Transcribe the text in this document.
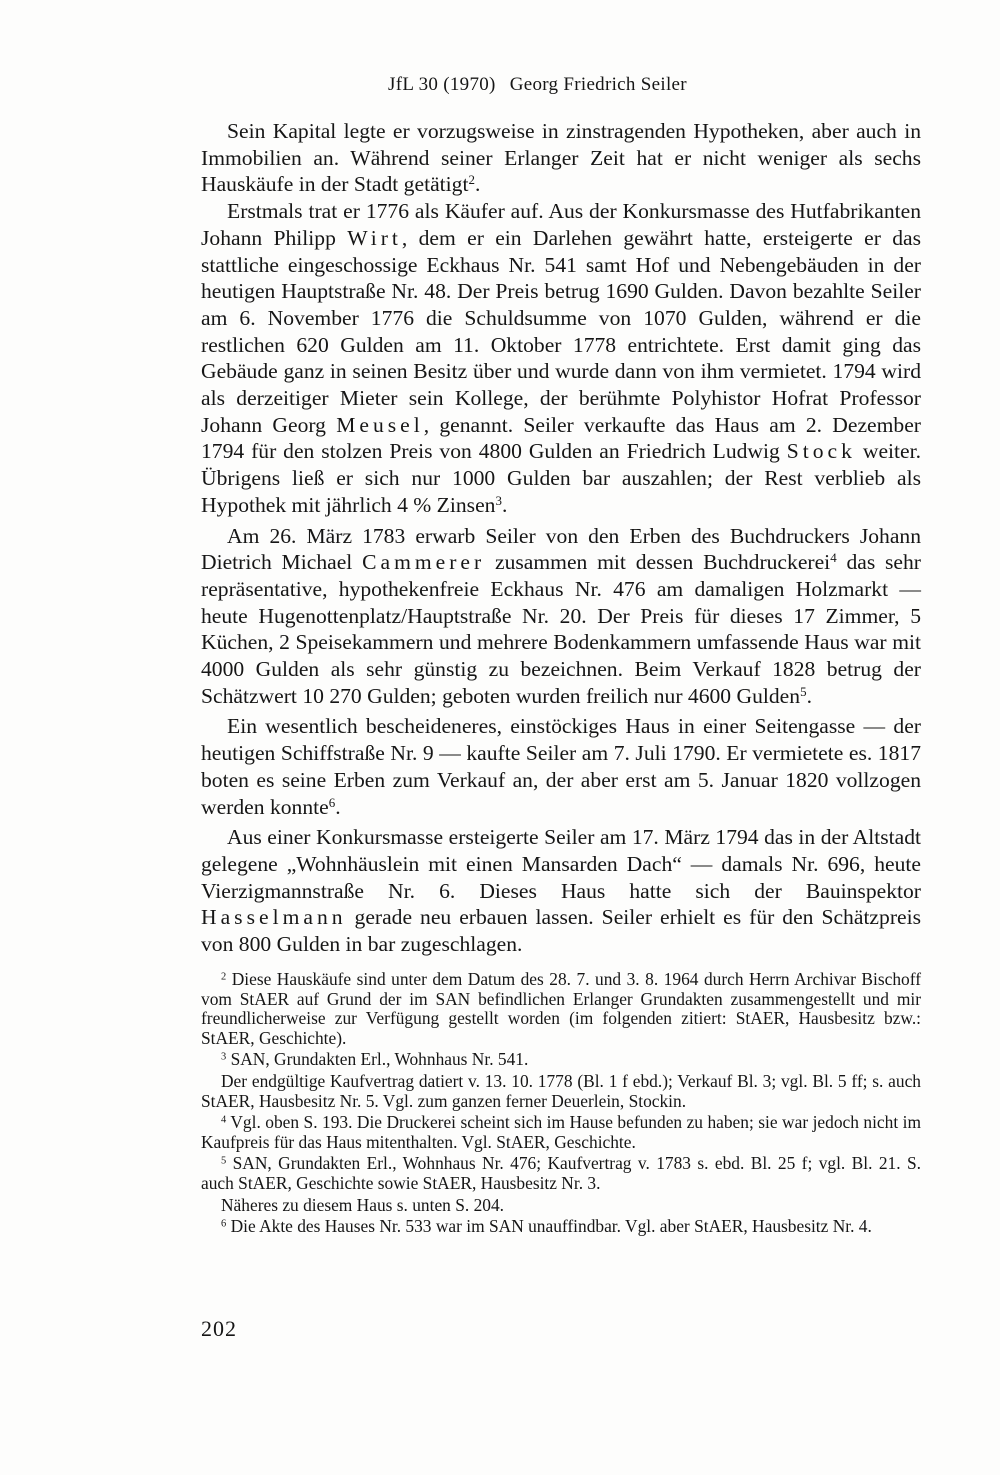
JfL 30 (1970) Georg Friedrich Seiler

Sein Kapital legte er vorzugsweise in zinstragenden Hypotheken, aber auch in Immobilien an. Während seiner Erlanger Zeit hat er nicht weniger als sechs Hauskäufe in der Stadt getätigt$^2$.

Erstmals trat er 1776 als Käufer auf. Aus der Konkursmasse des Hutfabrikanten Johann Philipp Wirt, dem er ein Darlehen gewährt hatte, ersteigerte er das stattliche eingeschossige Eckhaus Nr. 541 samt Hof und Nebengebäuden in der heutigen Hauptstraße Nr. 48. Der Preis betrug 1690 Gulden. Davon bezahlte Seiler am 6. November 1776 die Schuldsumme von 1070 Gulden, während er die restlichen 620 Gulden am 11. Oktober 1778 entrichtete. Erst damit ging das Gebäude ganz in seinen Besitz über und wurde dann von ihm vermietet. 1794 wird als derzeitiger Mieter sein Kollege, der berühmte Polyhistor Hofrat Professor Johann Georg Meusel, genannt. Seiler verkaufte das Haus am 2. Dezember 1794 für den stolzen Preis von 4800 Gulden an Friedrich Ludwig Stock weiter. Übrigens ließ er sich nur 1000 Gulden bar auszahlen; der Rest verblieb als Hypothek mit jährlich 4 % Zinsen$^3$.

Am 26. März 1783 erwarb Seiler von den Erben des Buchdruckers Johann Dietrich Michael Cammerer zusammen mit dessen Buchdruckerei$^4$ das sehr repräsentative, hypothekenfreie Eckhaus Nr. 476 am damaligen Holzmarkt — heute Hugenottenplatz/Hauptstraße Nr. 20. Der Preis für dieses 17 Zimmer, 5 Küchen, 2 Speisekammern und mehrere Bodenkammern umfassende Haus war mit 4000 Gulden als sehr günstig zu bezeichnen. Beim Verkauf 1828 betrug der Schätzwert 10 270 Gulden; geboten wurden freilich nur 4600 Gulden$^5$.

Ein wesentlich bescheideneres, einstöckiges Haus in einer Seitengasse — der heutigen Schiffstraße Nr. 9 — kaufte Seiler am 7. Juli 1790. Er vermietete es. 1817 boten es seine Erben zum Verkauf an, der aber erst am 5. Januar 1820 vollzogen werden konnte$^6$.

Aus einer Konkursmasse ersteigerte Seiler am 17. März 1794 das in der Altstadt gelegene „Wohnhäuslein mit einen Mansarden Dach“ — damals Nr. 696, heute Vierzigmannstraße Nr. 6. Dieses Haus hatte sich der Bauinspektor Hasselmann gerade neu erbauen lassen. Seiler erhielt es für den Schätzpreis von 800 Gulden in bar zugeschlagen.

$^2$ Diese Hauskäufe sind unter dem Datum des 28. 7. und 3. 8. 1964 durch Herrn Archivar Bischoff vom StAER auf Grund der im SAN befindlichen Erlanger Grundakten zusammengestellt und mir freundlicherweise zur Verfügung gestellt worden (im folgenden zitiert: StAER, Hausbesitz bzw.: StAER, Geschichte).

$^3$ SAN, Grundakten Erl., Wohnhaus Nr. 541.

Der endgültige Kaufvertrag datiert v. 13. 10. 1778 (Bl. 1 f ebd.); Verkauf Bl. 3; vgl. Bl. 5 ff; s. auch StAER, Hausbesitz Nr. 5. Vgl. zum ganzen ferner Deuerlein, Stockin.

$^4$ Vgl. oben S. 193. Die Druckerei scheint sich im Hause befunden zu haben; sie war jedoch nicht im Kaufpreis für das Haus mitenthalten. Vgl. StAER, Geschichte.

$^5$ SAN, Grundakten Erl., Wohnhaus Nr. 476; Kaufvertrag v. 1783 s. ebd. Bl. 25 f; vgl. Bl. 21. S. auch StAER, Geschichte sowie StAER, Hausbesitz Nr. 3.

Näheres zu diesem Haus s. unten S. 204.

$^6$ Die Akte des Hauses Nr. 533 war im SAN unauffindbar. Vgl. aber StAER, Hausbesitz Nr. 4.

202
